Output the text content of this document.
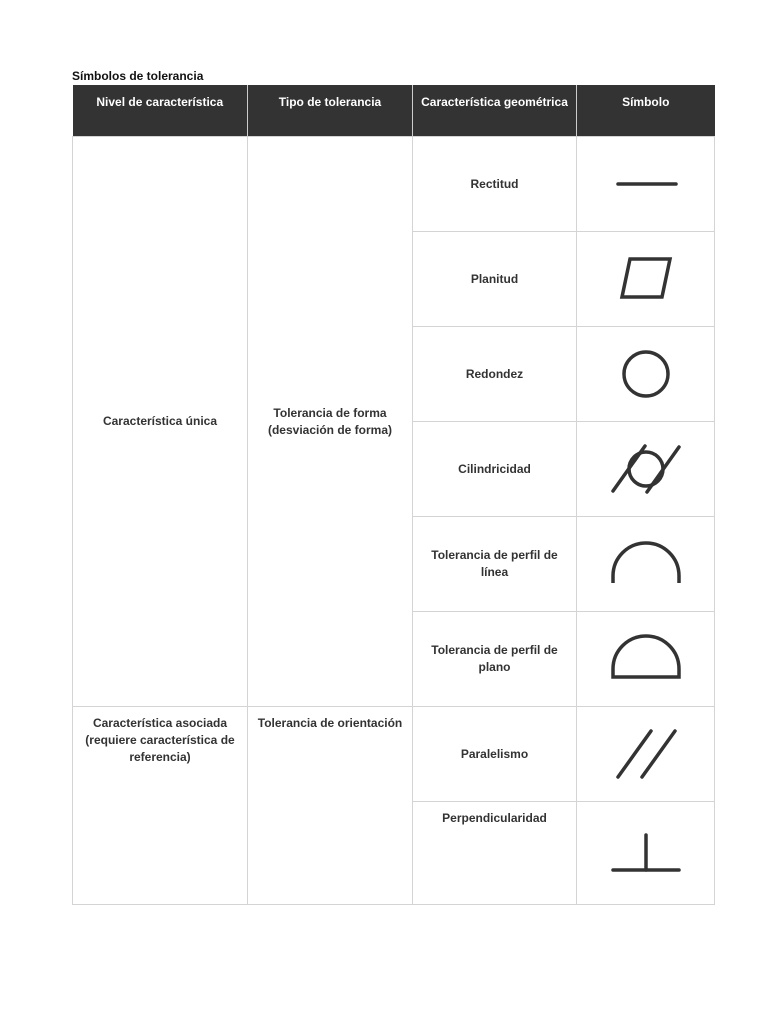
Símbolos de tolerancia
Nivel de característica	Tipo de tolerancia	Característica geométrica	Símbolo
Característica única	Tolerancia de forma (desviación de forma)	Rectitud	

		Planitud	

		Redondez	

		Cilindricidad	

		Tolerancia de perfil de línea	

		Tolerancia de perfil de plano	

Característica asociada (requiere característica de referencia)	Tolerancia de orientación	Paralelismo	

		Perpendicularidad	
